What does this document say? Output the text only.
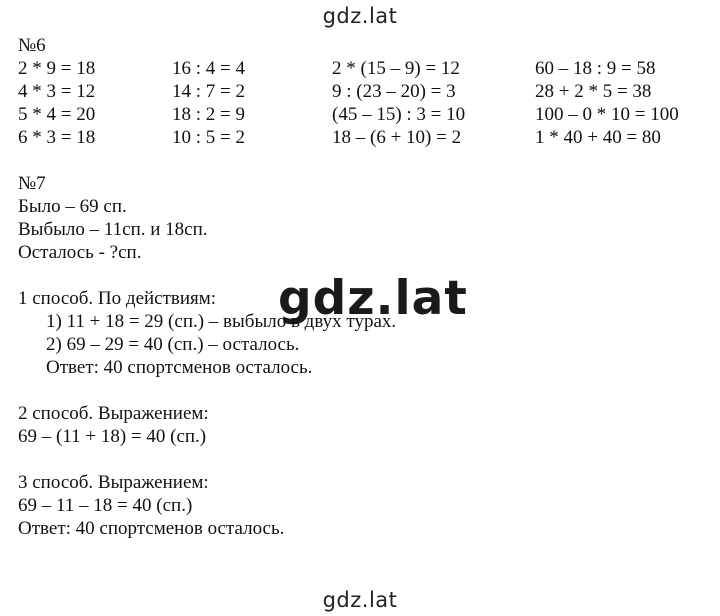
gdz.lat
gdz.lat
gdz.lat
№6
2 * 9 = 18	16 : 4 = 4	2 * (15 – 9) = 12	60 – 18 : 9 = 58
4 * 3 = 12	14 : 7 = 2	9 : (23 – 20) = 3	28 + 2 * 5 = 38
5 * 4 = 20	18 : 2 = 9	(45 – 15) : 3 = 10	100 – 0 * 10 = 100
6 * 3 = 18	10 : 5 = 2	18 – (6 + 10) = 2	1 * 40 + 40 = 80
№7
Было – 69 сп.
Выбыло – 11сп. и 18сп.
Осталось - ?сп.
1 способ. По действиям:
1) 11 + 18 = 29 (сп.) – выбыло в двух турах.
2) 69 – 29 = 40 (сп.) – осталось.
Ответ: 40 спортсменов осталось.
2 способ. Выражением:
69 – (11 + 18) = 40 (сп.)
3 способ. Выражением:
69 – 11 – 18 = 40 (сп.)
Ответ: 40 спортсменов осталось.
